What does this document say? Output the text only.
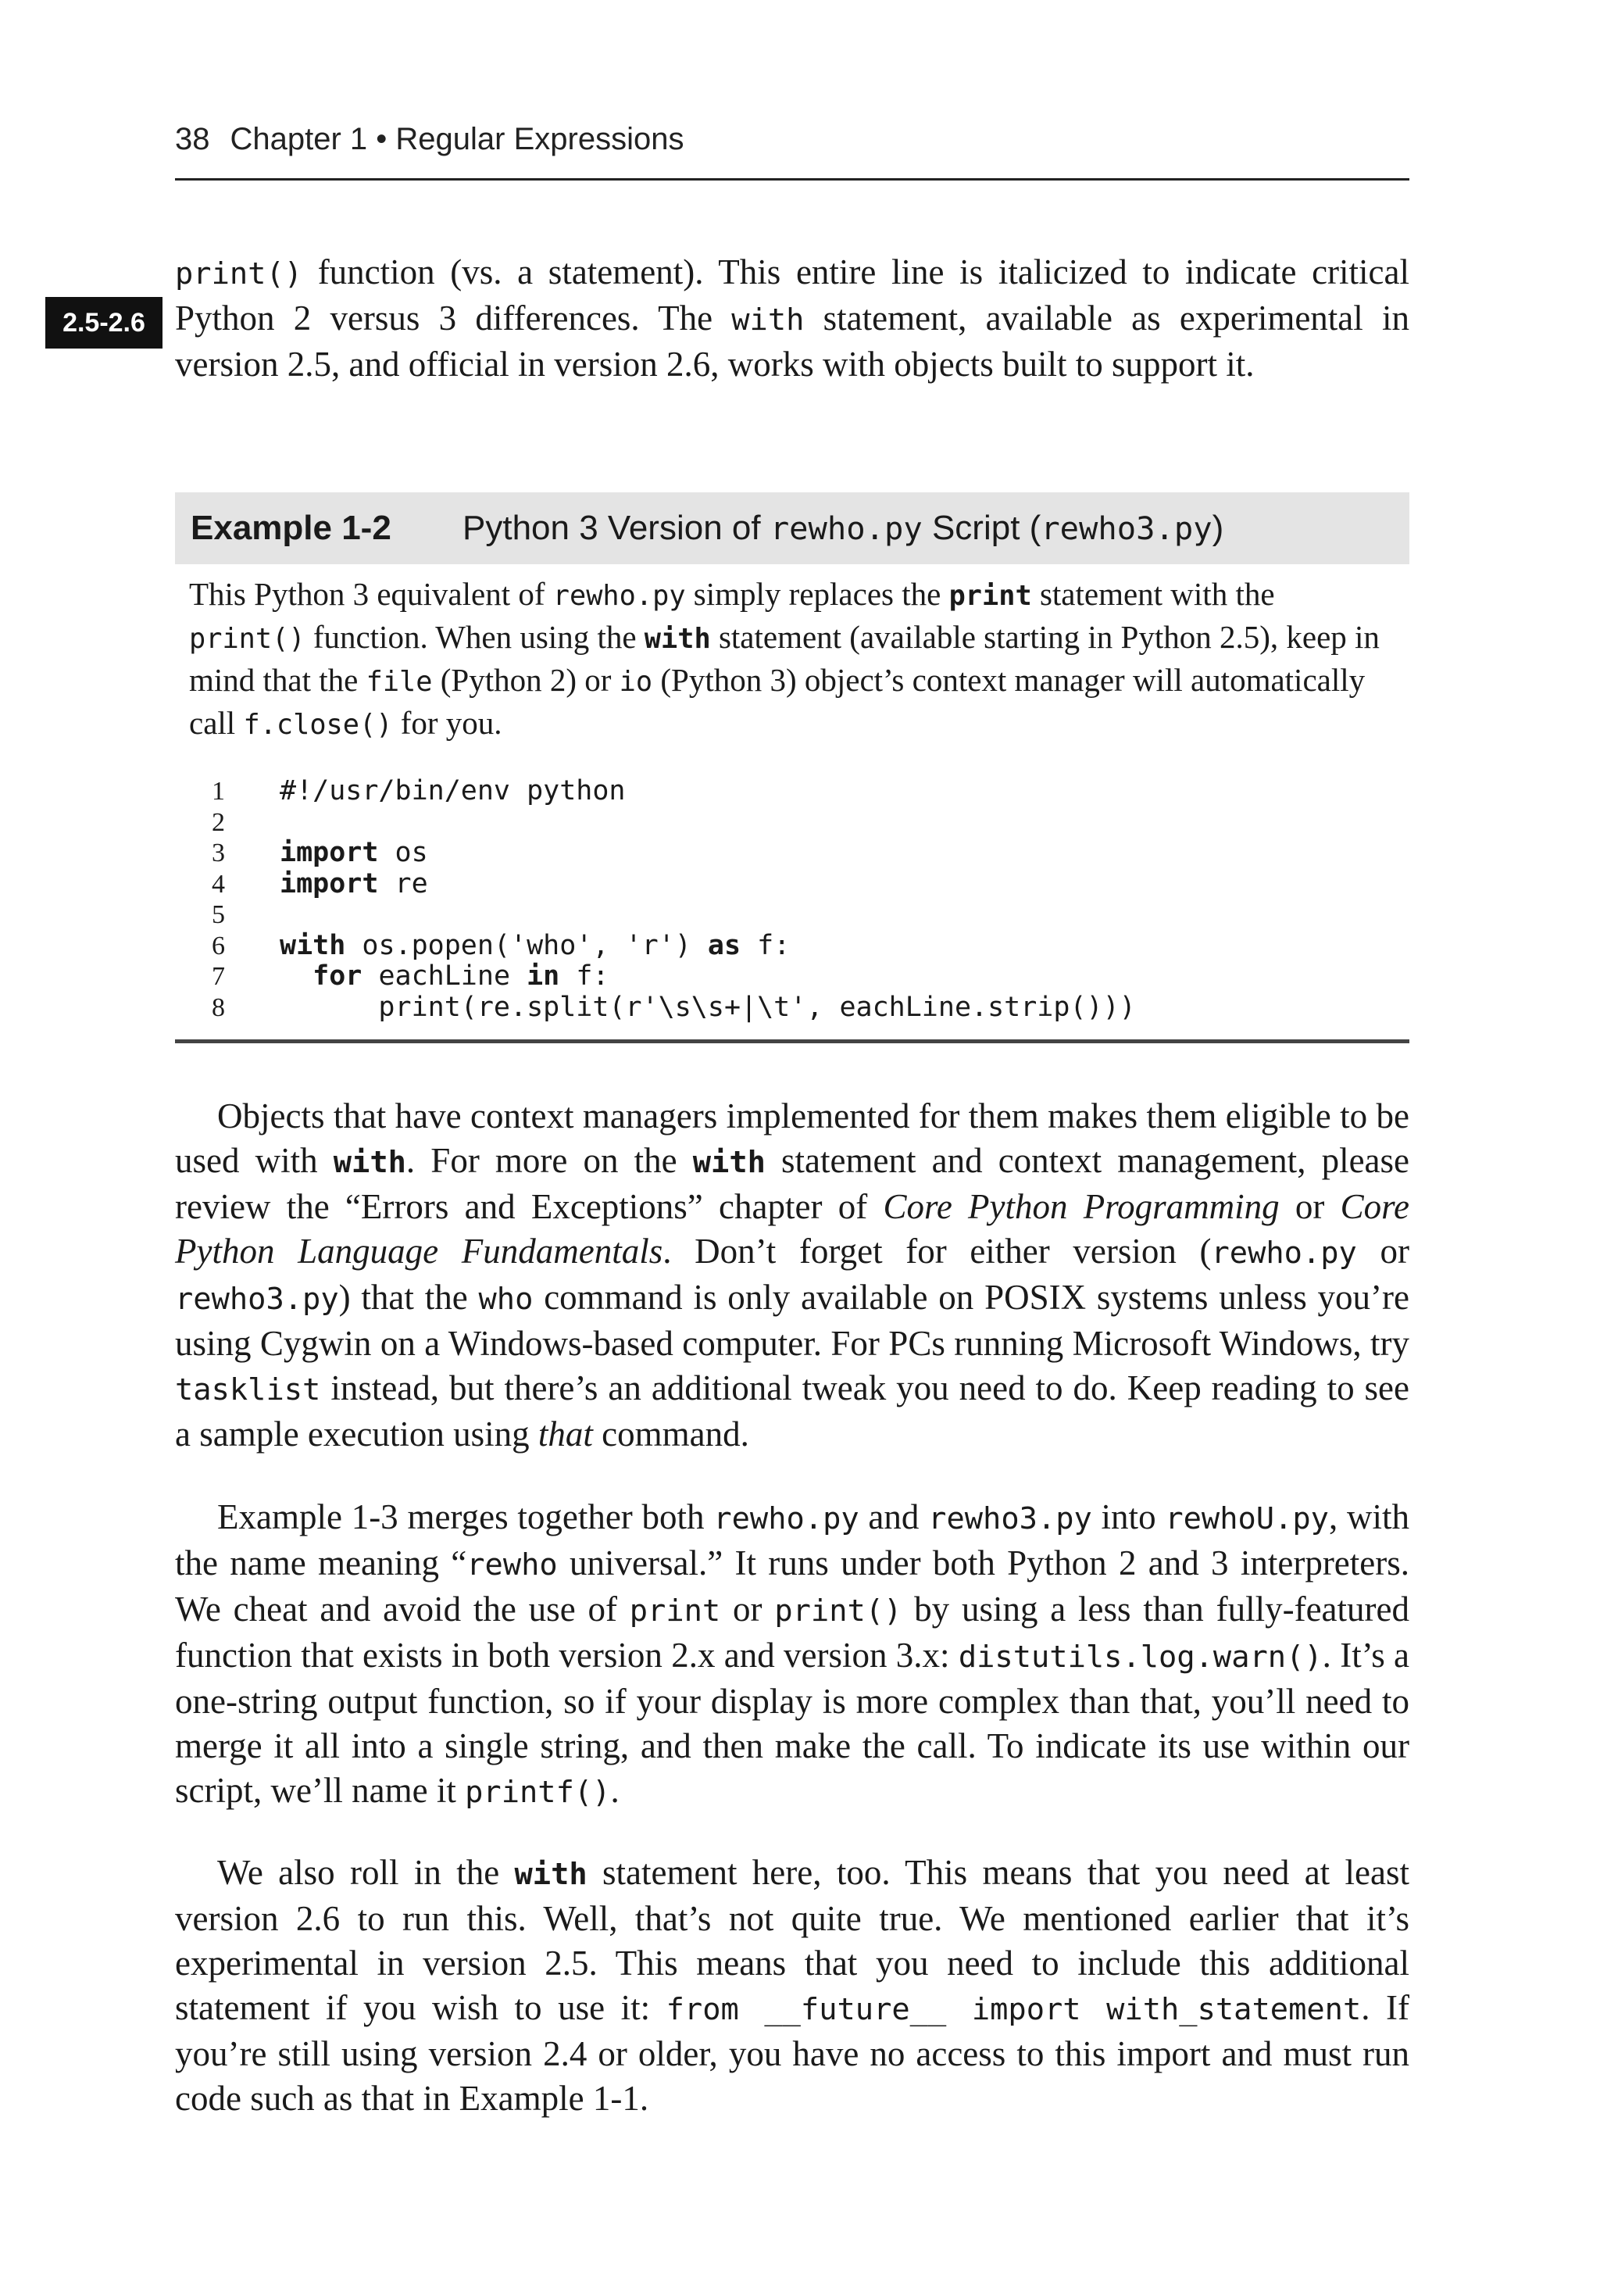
38 Chapter 1 • Regular Expressions
2.5-2.6

print() function (vs. a statement). This entire line is italicized to indicate critical Python 2 versus 3 differences. The with statement, available as experimental in version 2.5, and official in version 2.6, works with objects built to support it.

Example 1-2 Python 3 Version of rewho.py Script (rewho3.py)

This Python 3 equivalent of rewho.py simply replaces the print statement with the print() function. When using the with statement (available starting in Python 2.5), keep in mind that the file (Python 2) or io (Python 3) object’s context manager will automatically call f.close() for you.

1 #!/usr/bin/env python
2
3 import os
4 import re
5
6 with os.popen('who', 'r') as f:
7	for eachLine in f:
8      print(re.split(r'\s\s+|\t', eachLine.strip()))

Objects that have context managers implemented for them makes them eligible to be used with with. For more on the with statement and context management, please review the “Errors and Exceptions” chapter of Core Python Programming or Core Python Language Fundamentals. Don’t forget for either version (rewho.py or rewho3.py) that the who command is only available on POSIX systems unless you’re using Cygwin on a Windows-based computer. For PCs running Microsoft Windows, try tasklist instead, but there’s an additional tweak you need to do. Keep reading to see a sample execution using that command.

Example 1-3 merges together both rewho.py and rewho3.py into rewhoU.py, with the name meaning “rewho universal.” It runs under both Python 2 and 3 interpreters. We cheat and avoid the use of print or print() by using a less than fully-featured function that exists in both version 2.x and version 3.x: distutils.log.warn(). It’s a one-string output function, so if your display is more complex than that, you’ll need to merge it all into a single string, and then make the call. To indicate its use within our script, we’ll name it printf().

We also roll in the with statement here, too. This means that you need at least version 2.6 to run this. Well, that’s not quite true. We mentioned earlier that it’s experimental in version 2.5. This means that you need to include this additional statement if you wish to use it: from __future__ import with_statement. If you’re still using version 2.4 or older, you have no access to this import and must run code such as that in Example 1-1.
